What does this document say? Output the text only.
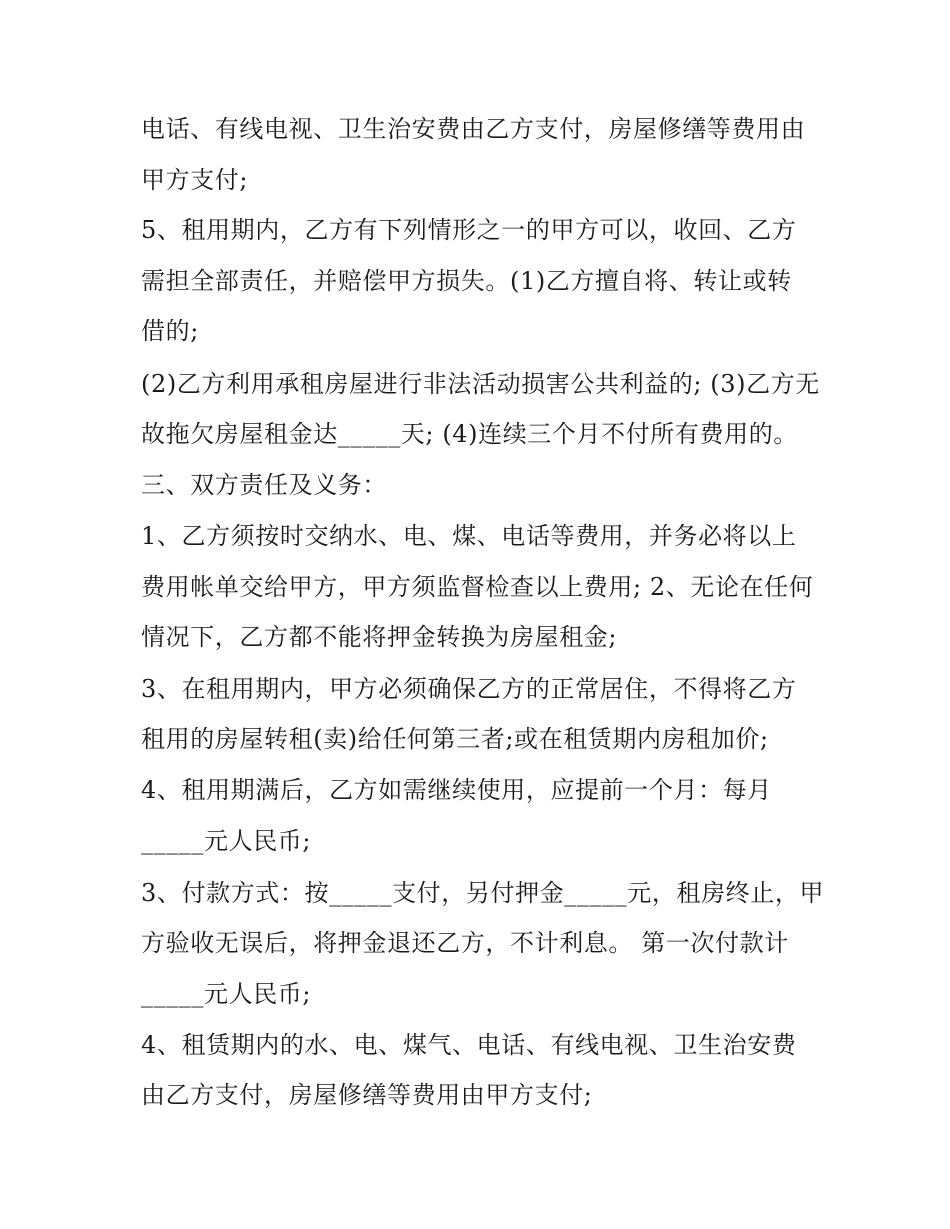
电话、有线电视、卫生治安费由乙方支付，房屋修缮等费用由
甲方支付;
5、租用期内，乙方有下列情形之一的甲方可以，收回、乙方
需担全部责任，并赔偿甲方损失。(1)乙方擅自将、转让或转
借的;
(2)乙方利用承租房屋进行非法活动损害公共利益的; (3)乙方无
故拖欠房屋租金达_____天; (4)连续三个月不付所有费用的。
三、双方责任及义务：
1、乙方须按时交纳水、电、煤、电话等费用，并务必将以上
费用帐单交给甲方，甲方须监督检查以上费用; 2、无论在任何
情况下，乙方都不能将押金转换为房屋租金;
3、在租用期内，甲方必须确保乙方的正常居住，不得将乙方
租用的房屋转租(卖)给任何第三者;或在租赁期内房租加价;
4、租用期满后，乙方如需继续使用，应提前一个月：每月
_____元人民币;
3、付款方式：按_____支付，另付押金_____元，租房终止，甲
方验收无误后，将押金退还乙方，不计利息。 第一次付款计
_____元人民币;
4、租赁期内的水、电、煤气、电话、有线电视、卫生治安费
由乙方支付，房屋修缮等费用由甲方支付;
